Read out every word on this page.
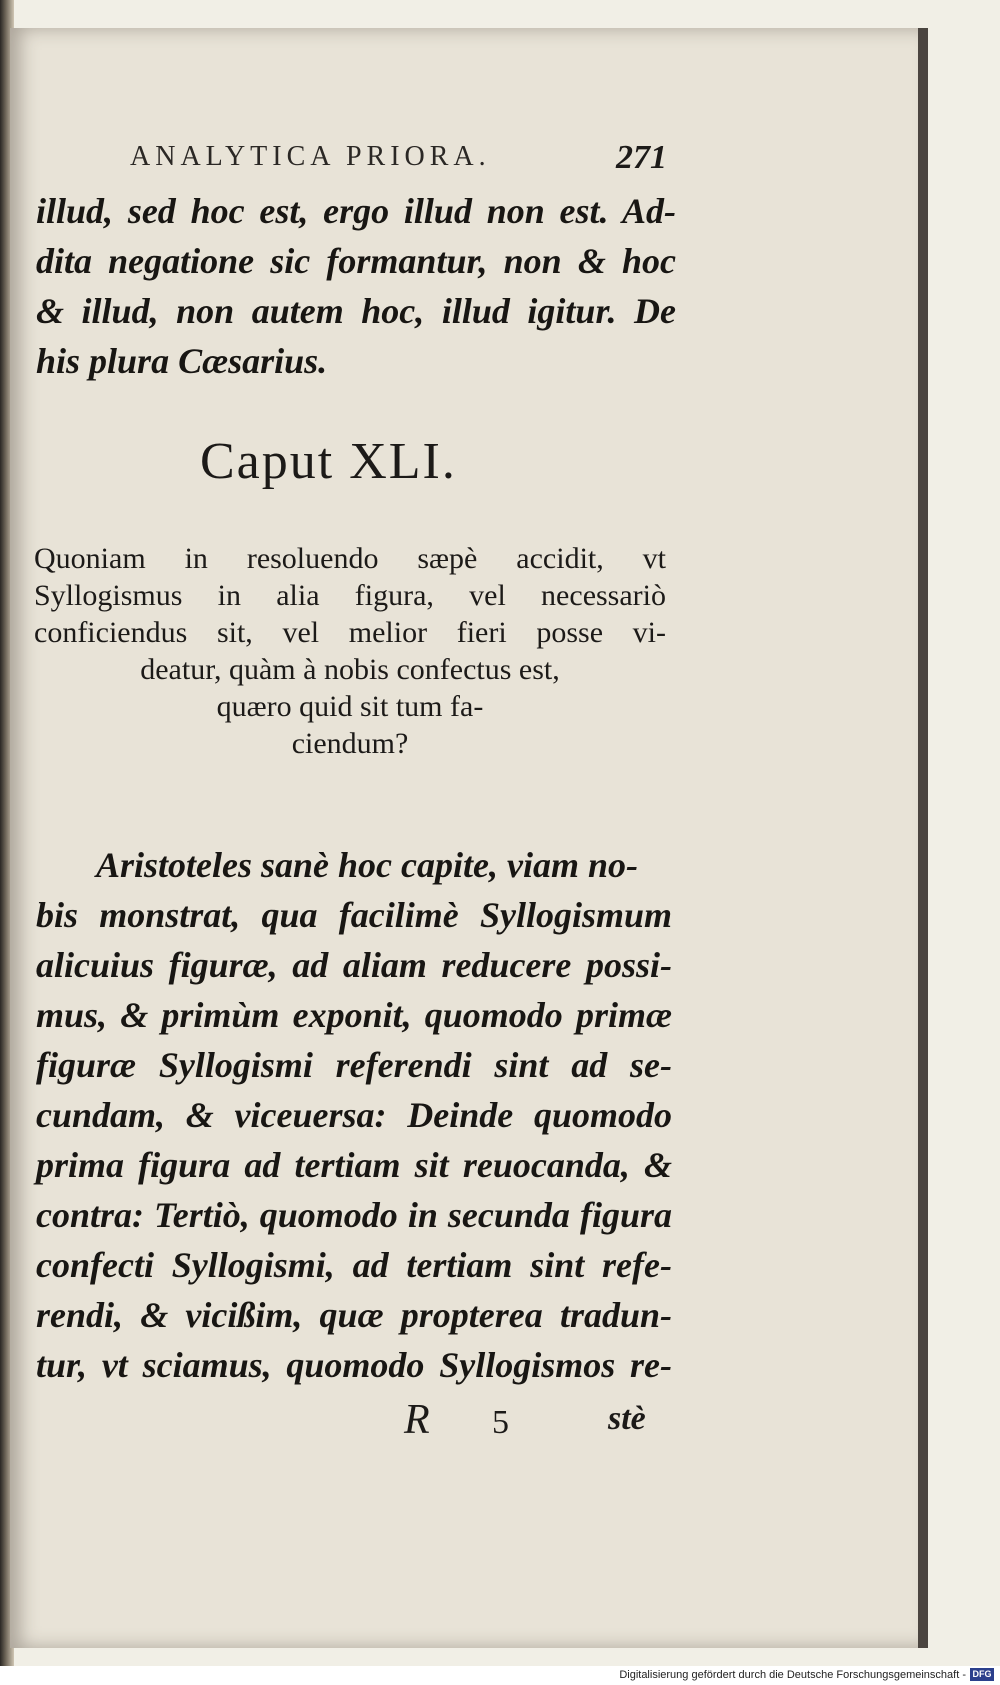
ANALYTICA PRIORA.	271
illud, sed hoc est, ergo illud non est. Ad-
dita negatione sic formantur, non & hoc
& illud, non autem hoc, illud igitur. De
his plura Cæsarius.
Caput XLI.
Quoniam in resoluendo sæpè accidit, vt
Syllogismus in alia figura, vel necessariò
conficiendus sit, vel melior fieri posse vi-
deatur, quàm à nobis confectus est,
quæro quid sit tum fa-
ciendum?
Aristoteles sanè hoc capite, viam no-
bis monstrat, qua facilimè Syllogismum
alicuius figuræ, ad aliam reducere possi-
mus, & primùm exponit, quomodo primæ
figuræ Syllogismi referendi sint ad se-
cundam, & viceuersa: Deinde quomodo
prima figura ad tertiam sit reuocanda, &
contra: Tertiò, quomodo in secunda figura
confecti Syllogismi, ad tertiam sint refe-
rendi, & vicißim, quæ propterea tradun-
tur, vt sciamus, quomodo Syllogismos re-
R 5	stè
Digitalisierung gefördert durch die Deutsche Forschungsgemeinschaft - DFG
